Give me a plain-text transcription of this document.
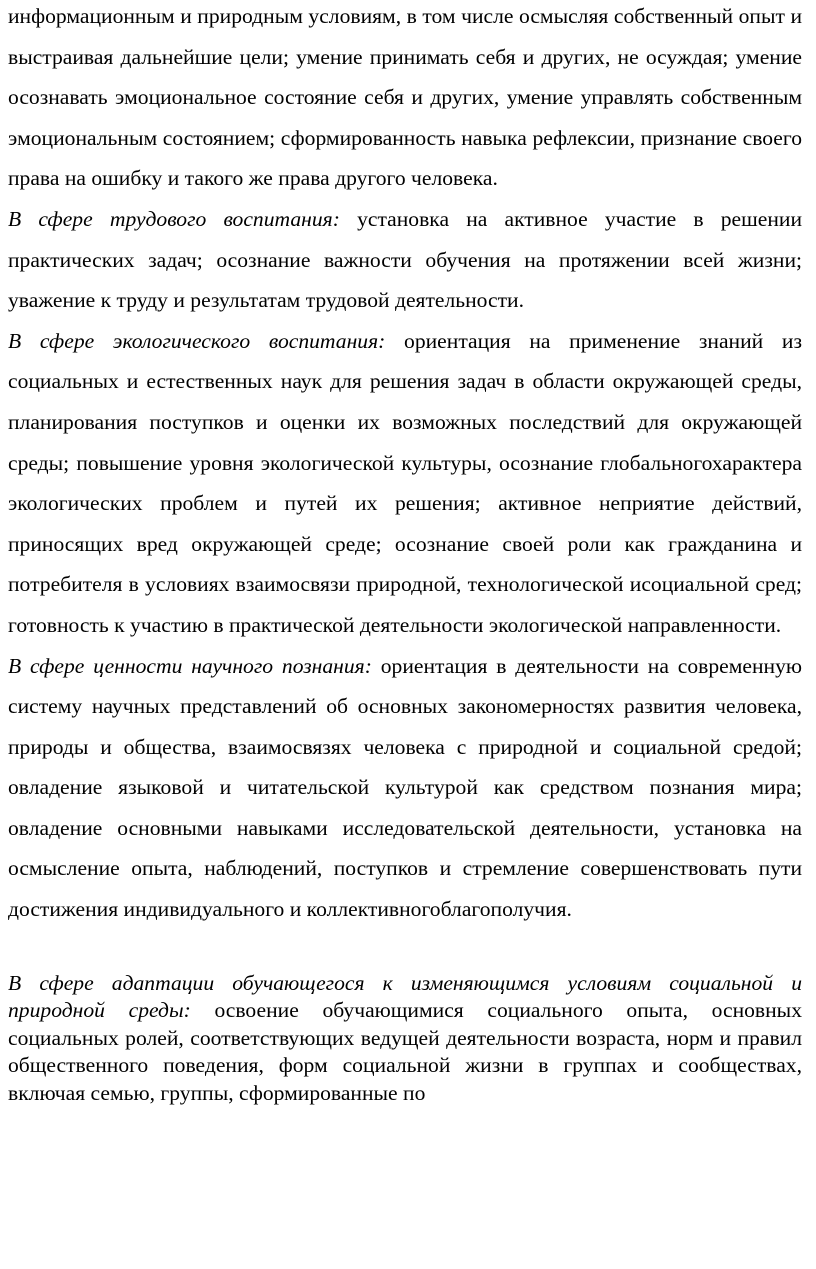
информационным и природным условиям, в том числе осмысляя собственный опыт и выстраивая дальнейшие цели; умение принимать себя и других, не осуждая; умение осознавать эмоциональное состояние себя и других, умение управлять собственным эмоциональным состоянием; сформированность навыка рефлексии, признание своего права на ошибку и такого же права другого человека.

В сфере трудового воспитания: установка на активное участие в решении практических задач; осознание важности обучения на протяжении всей жизни; уважение к труду и результатам трудовой деятельности.

В сфере экологического воспитания: ориентация на применение знаний из социальных и естественных наук для решения задач в области окружающей среды, планирования поступков и оценки их возможных последствий для окружающей среды; повышение уровня экологической культуры, осознание глобальногохарактера экологических проблем и путей их решения; активное неприятие действий, приносящих вред окружающей среде; осознание своей роли как гражданина и потребителя в условиях взаимосвязи природной, технологической исоциальной сред; готовность к участию в практической деятельности экологической направленности.

В сфере ценности научного познания: ориентация в деятельности на современную систему научных представлений об основных закономерностях развития человека, природы и общества, взаимосвязях человека с природной и социальной средой; овладение языковой и читательской культурой как средством познания мира; овладение основными навыками исследовательской деятельности, установка на осмысление опыта, наблюдений, поступков и стремление совершенствовать пути достижения индивидуального и коллективногоблагополучия.

В сфере адаптации обучающегося к изменяющимся условиям социальной и природной среды: освоение обучающимися социального опыта, основных социальных ролей, соответствующих ведущей деятельности возраста, норм и правил общественного поведения, форм социальной жизни в группах и сообществах, включая семью, группы, сформированные по
